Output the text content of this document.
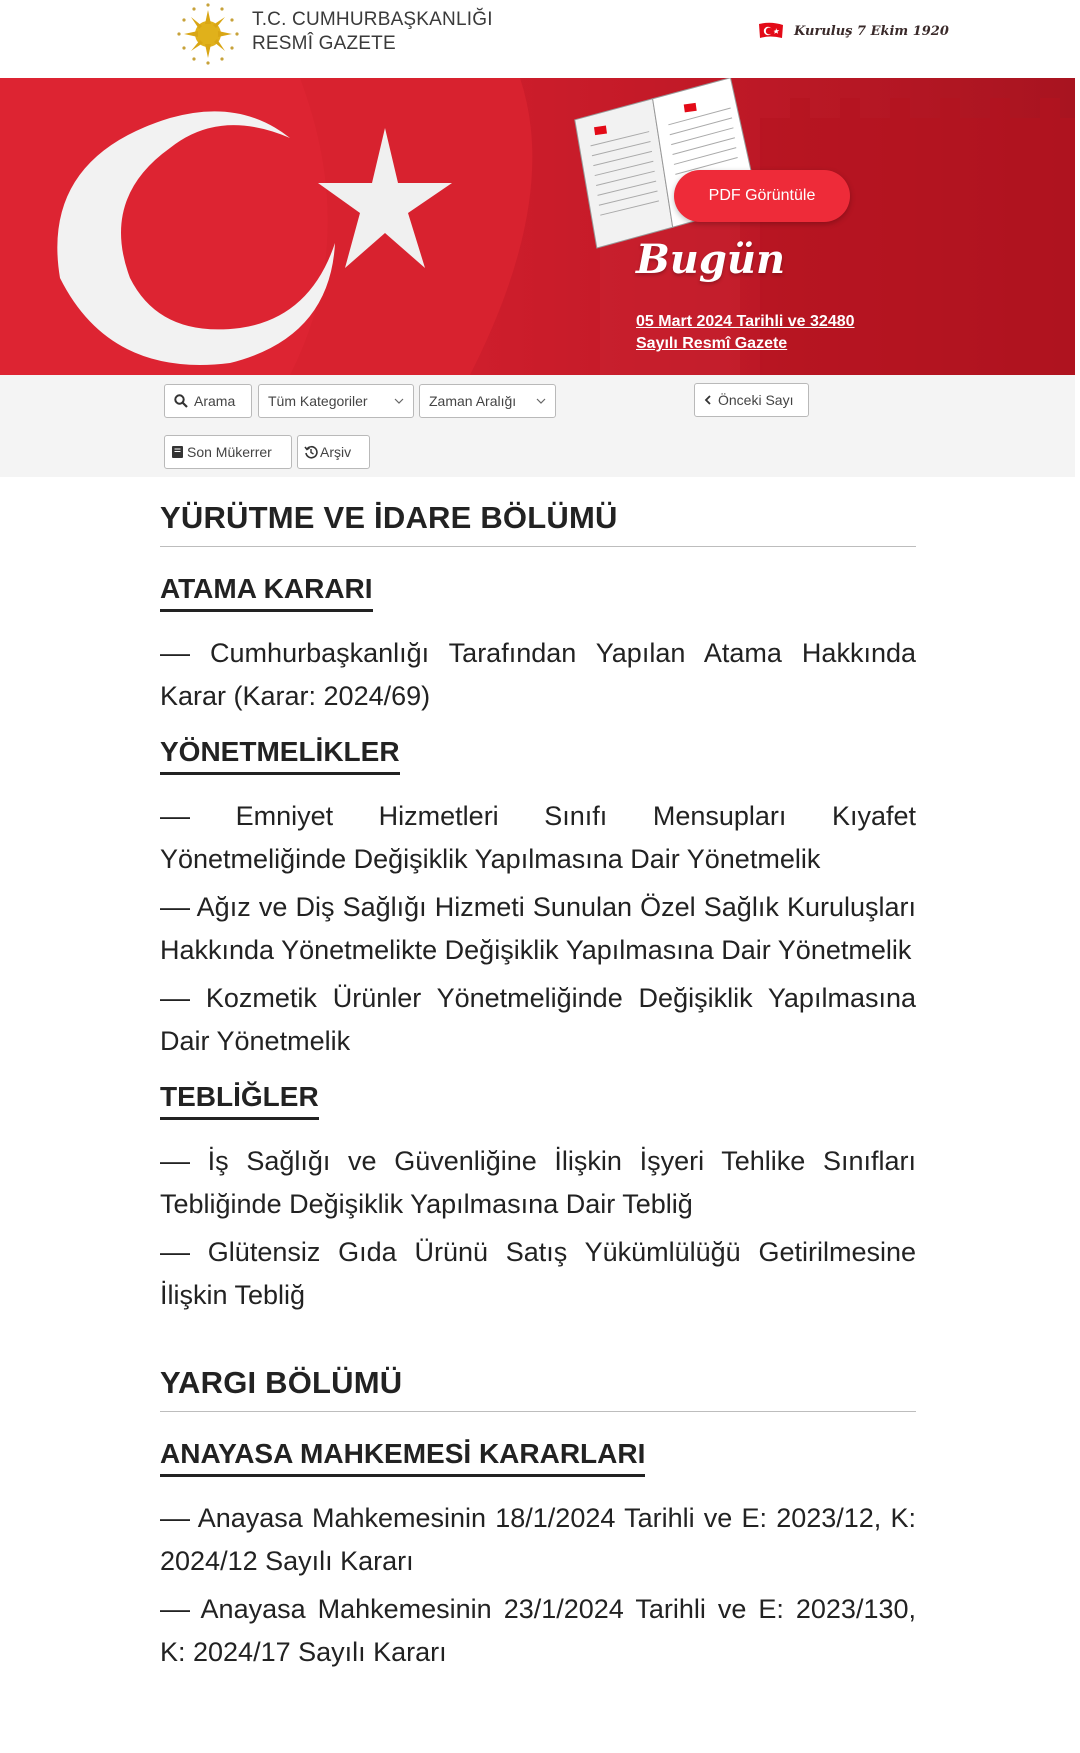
T.C. CUMHURBAŞKANLIĞI
RESMÎ GAZETE
Kuruluş 7 Ekim 1920
PDF Görüntüle
Bugün
05 Mart 2024 Tarihli ve 32480 Sayılı Resmî Gazete
Arama Tüm Kategoriler	Zaman Aralığı	Önceki Sayı
Son Mükerrer	Arşiv
YÜRÜTME VE İDARE BÖLÜMÜ
ATAMA KARARI
–– Cumhurbaşkanlığı Tarafından Yapılan Atama Hakkında Karar (Karar: 2024/69)
YÖNETMELİKLER
–– Emniyet Hizmetleri Sınıfı Mensupları Kıyafet Yönetmeliğinde Değişiklik Yapılmasına Dair Yönetmelik
–– Ağız ve Diş Sağlığı Hizmeti Sunulan Özel Sağlık Kuruluşları Hakkında Yönetmelikte Değişiklik Yapılmasına Dair Yönetmelik
–– Kozmetik Ürünler Yönetmeliğinde Değişiklik Yapılmasına Dair Yönetmelik
TEBLİĞLER
–– İş Sağlığı ve Güvenliğine İlişkin İşyeri Tehlike Sınıfları Tebliğinde Değişiklik Yapılmasına Dair Tebliğ
–– Glütensiz Gıda Ürünü Satış Yükümlülüğü Getirilmesine İlişkin Tebliğ
YARGI BÖLÜMÜ
ANAYASA MAHKEMESİ KARARLARI
–– Anayasa Mahkemesinin 18/1/2024 Tarihli ve E: 2023/12, K: 2024/12 Sayılı Kararı
–– Anayasa Mahkemesinin 23/1/2024 Tarihli ve E: 2023/130, K: 2024/17 Sayılı Kararı
